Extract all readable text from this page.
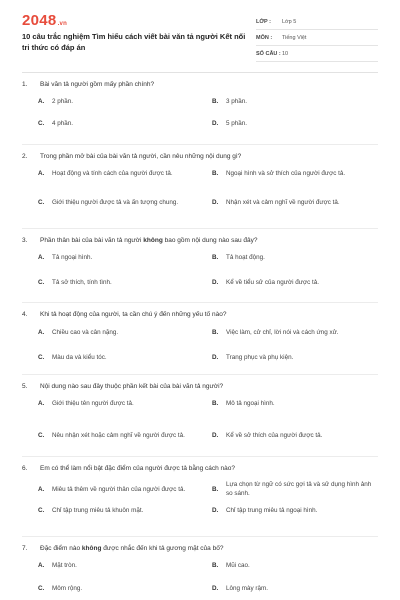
2048.vn
10 câu trắc nghiệm Tìm hiểu cách viết bài văn tả người Kết nối tri thức có đáp án
LỚP :	Lớp 5
MÔN :	Tiếng Việt
SỐ CÂU : 10
1. Bài văn tả người gồm mấy phần chính?
A.	2 phần.	B.	3 phần.
C.	4 phần.	D.	5 phần.
2. Trong phần mở bài của bài văn tả người, cần nêu những nội dung gì?
A.	Hoạt động và tính cách của người được tả.	B.	Ngoại hình và sở thích của người được tả.
C.	Giới thiệu người được tả và ấn tượng chung.	D.	Nhận xét và cảm nghĩ về người được tả.
3. Phần thân bài của bài văn tả người không bao gồm nội dung nào sau đây?
A.	Tả ngoại hình.	B.	Tả hoạt động.
C.	Tả sở thích, tính tình.	D.	Kể về tiểu sử của người được tả.
4. Khi tả hoạt động của người, ta cần chú ý đến những yếu tố nào?
A.	Chiều cao và cân nặng.	B.	Việc làm, cử chỉ, lời nói và cách ứng xử.
C.	Màu da và kiểu tóc.	D.	Trang phục và phụ kiện.
5. Nội dung nào sau đây thuộc phần kết bài của bài văn tả người?
A.	Giới thiệu tên người được tả.	B.	Mô tả ngoại hình.
C.	Nêu nhận xét hoặc cảm nghĩ về người được tả.	D.	Kể về sở thích của người được tả.
6. Em có thể làm nổi bật đặc điểm của người được tả bằng cách nào?
A.	Miêu tả thêm về người thân của người được tả.	B.
Lựa chọn từ ngữ có sức gợi tả và sử dụng hình ảnh so sánh.
C.	Chỉ tập trung miêu tả khuôn mặt.	D.	Chỉ tập trung miêu tả ngoại hình.
7. Đặc điểm nào không được nhắc đến khi tả gương mặt của bố?
A.	Mặt tròn.	B.	Mũi cao.
C.	Môm rộng.	D.	Lông mày rậm.
